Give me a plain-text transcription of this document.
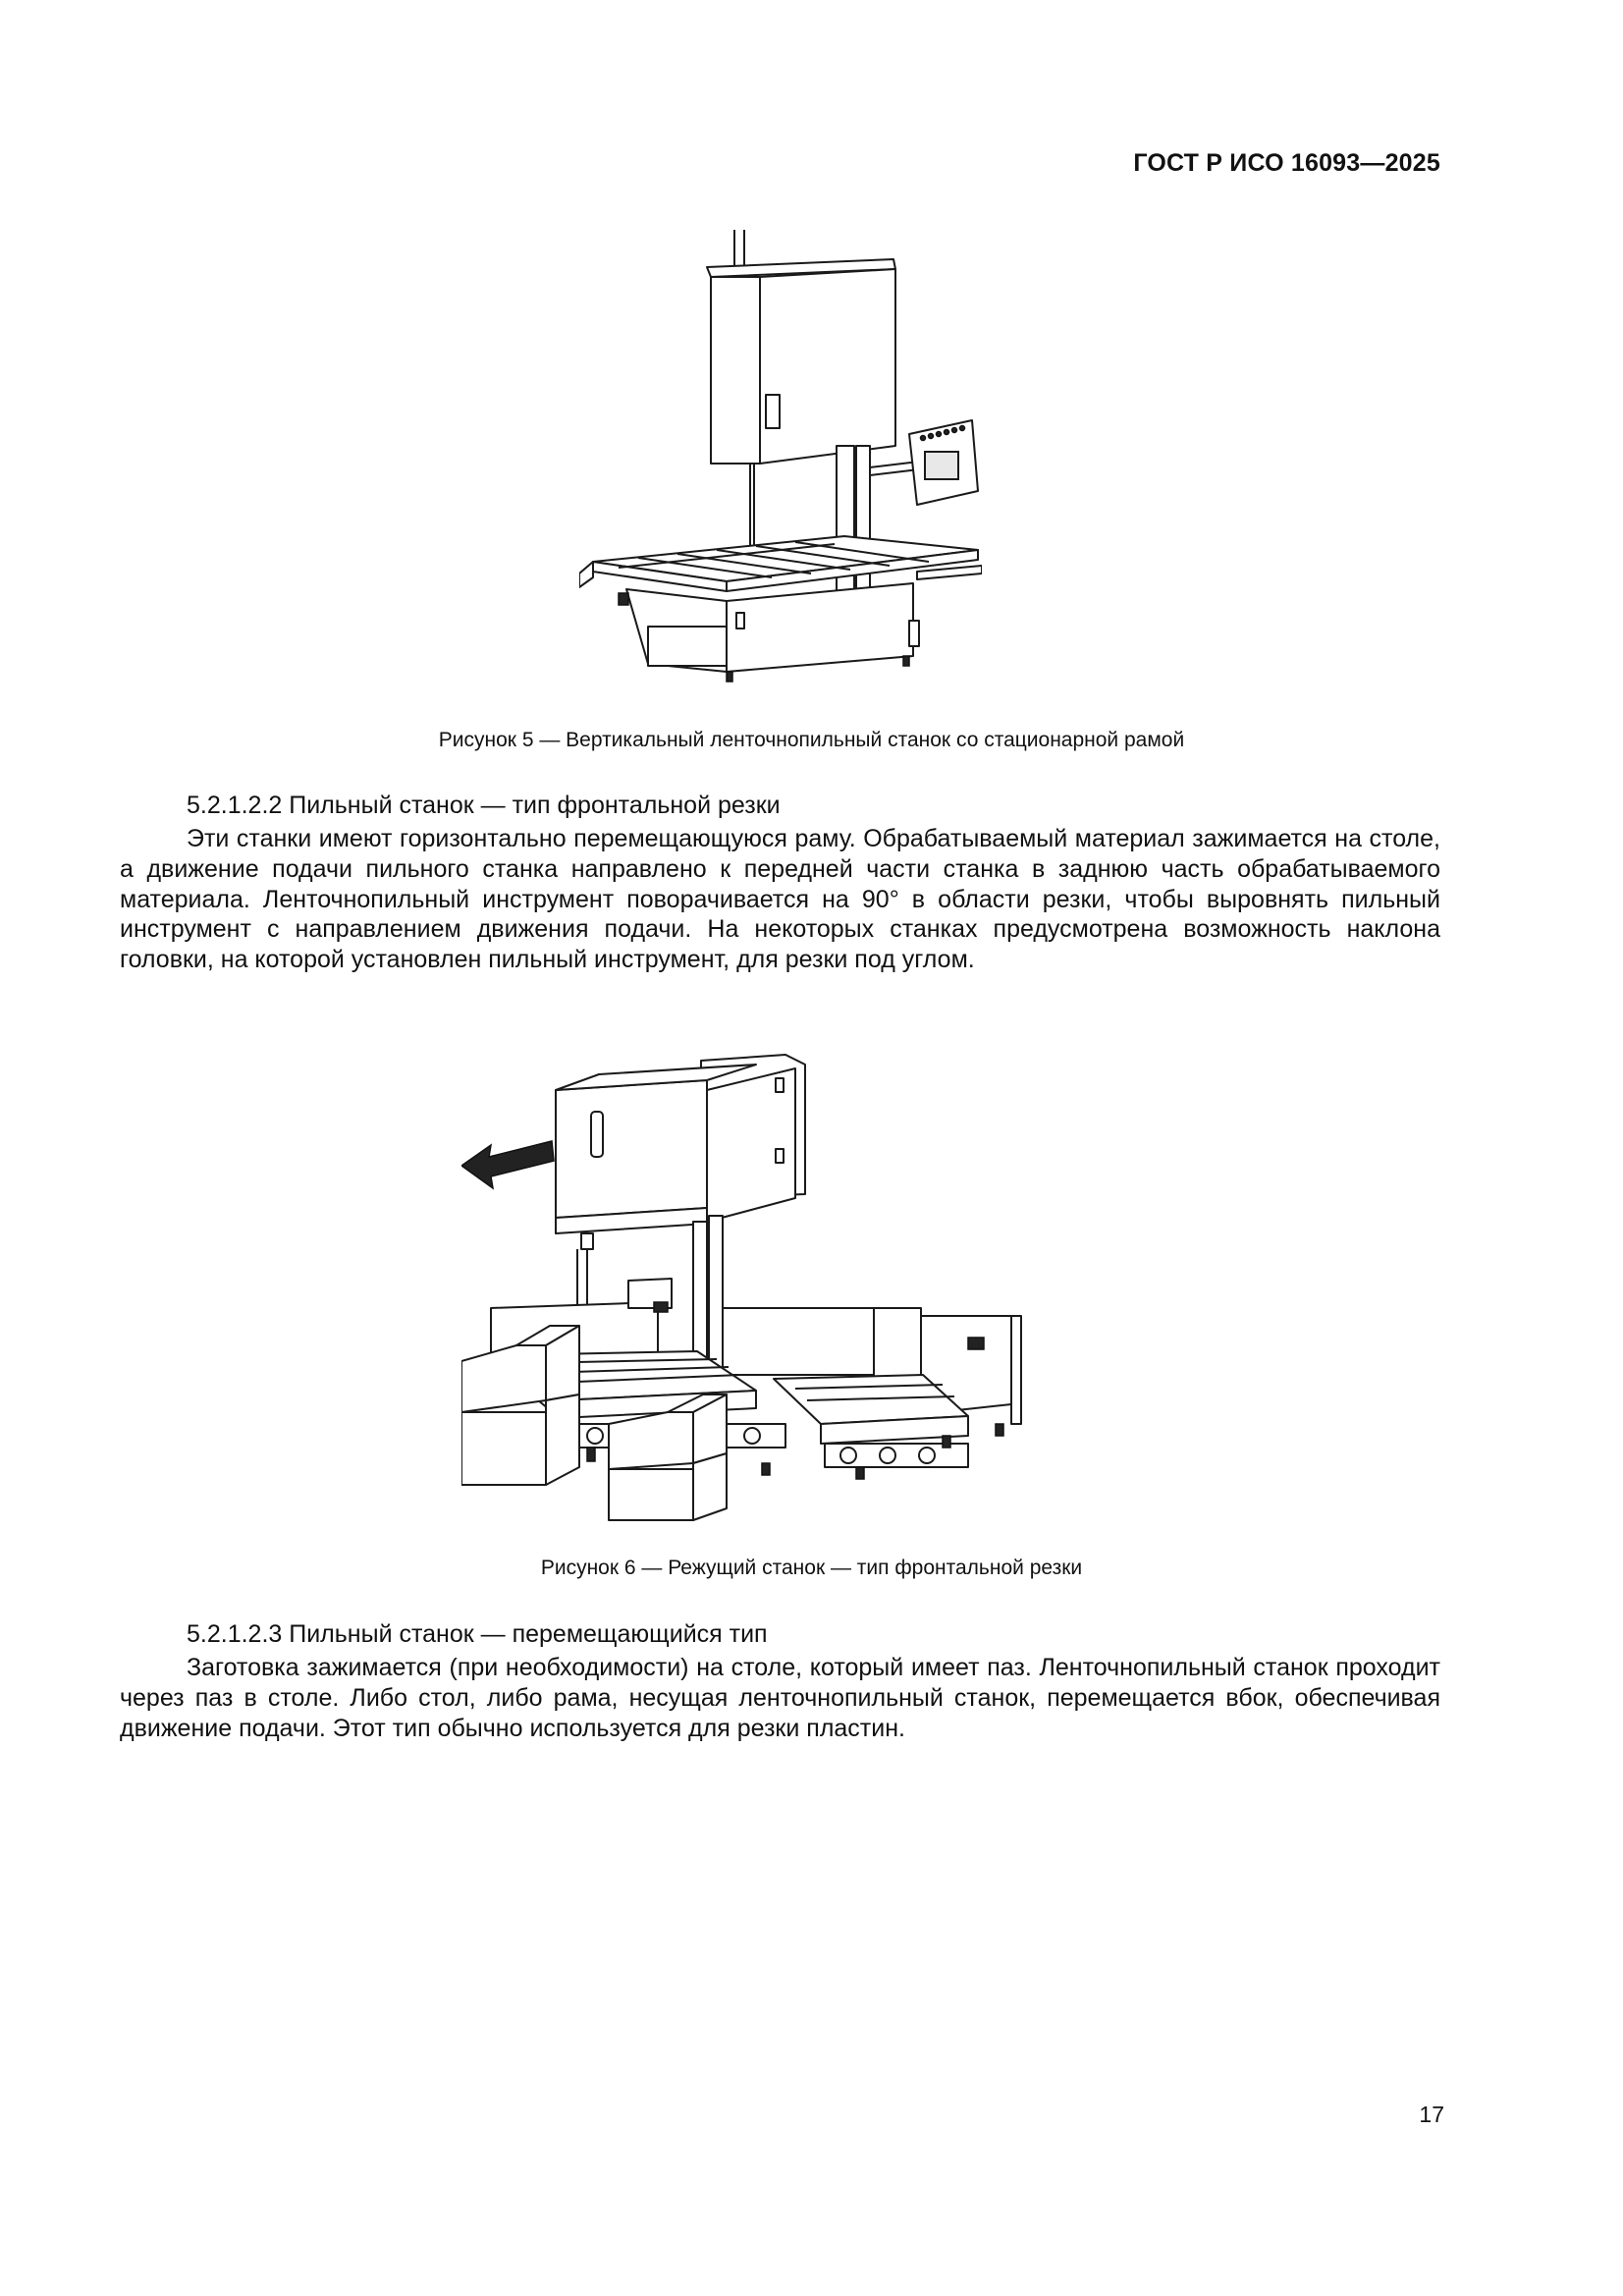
ГОСТ Р ИСО 16093—2025
Рисунок 5 — Вертикальный ленточнопильный станок со стационарной рамой
5.2.1.2.2 Пильный станок — тип фронтальной резки
Эти станки имеют горизонтально перемещающуюся раму. Обрабатываемый материал зажимается на столе, а движение подачи пильного станка направлено к передней части станка в заднюю часть обрабатываемого материала. Ленточнопильный инструмент поворачивается на 90° в области резки, чтобы выровнять пильный инструмент с направлением движения подачи. На некоторых станках предусмотрена возможность наклона головки, на которой установлен пильный инструмент, для резки под углом.
Рисунок 6 — Режущий станок — тип фронтальной резки
5.2.1.2.3 Пильный станок — перемещающийся тип
Заготовка зажимается (при необходимости) на столе, который имеет паз. Ленточнопильный станок проходит через паз в столе. Либо стол, либо рама, несущая ленточнопильный станок, перемещается вбок, обеспечивая движение подачи. Этот тип обычно используется для резки пластин.
17
